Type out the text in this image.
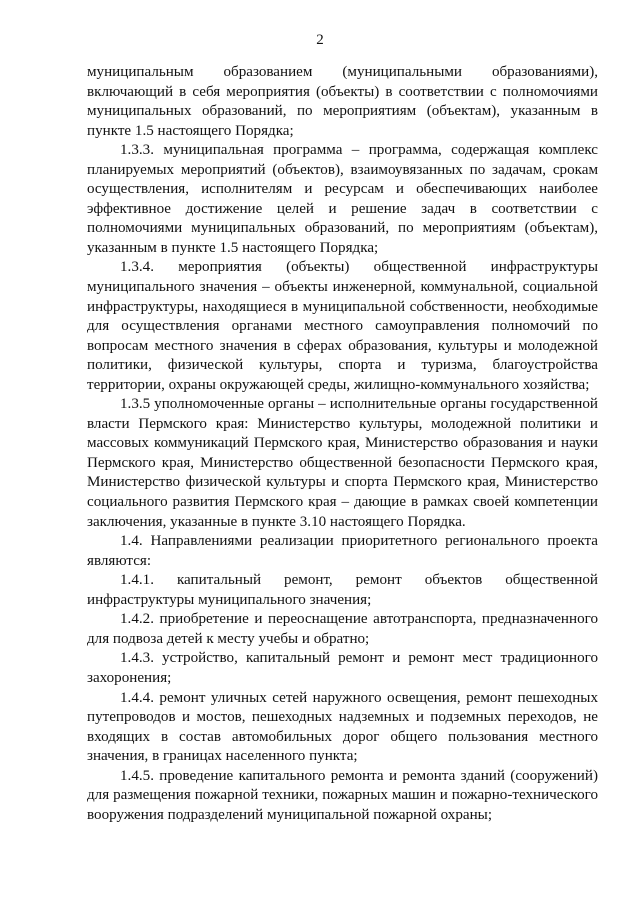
2

муниципальным образованием (муниципальными образованиями), включающий в себя мероприятия (объекты) в соответствии с полномочиями муниципальных образований, по мероприятиям (объектам), указанным в пункте 1.5 настоящего Порядка;

1.3.3. муниципальная программа – программа, содержащая комплекс планируемых мероприятий (объектов), взаимоувязанных по задачам, срокам осуществления, исполнителям и ресурсам и обеспечивающих наиболее эффективное достижение целей и решение задач в соответствии с полномочиями муниципальных образований, по мероприятиям (объектам), указанным в пункте 1.5 настоящего Порядка;

1.3.4. мероприятия (объекты) общественной инфраструктуры муниципального значения – объекты инженерной, коммунальной, социальной инфраструктуры, находящиеся в муниципальной собственности, необходимые для осуществления органами местного самоуправления полномочий по вопросам местного значения в сферах образования, культуры и молодежной политики, физической культуры, спорта и туризма, благоустройства территории, охраны окружающей среды, жилищно-коммунального хозяйства;

1.3.5 уполномоченные органы – исполнительные органы государственной власти Пермского края: Министерство культуры, молодежной политики и массовых коммуникаций Пермского края, Министерство образования и науки Пермского края, Министерство общественной безопасности Пермского края, Министерство физической культуры и спорта Пермского края, Министерство социального развития Пермского края – дающие в рамках своей компетенции заключения, указанные в пункте 3.10 настоящего Порядка.

1.4. Направлениями реализации приоритетного регионального проекта являются:

1.4.1. капитальный ремонт, ремонт объектов общественной инфраструктуры муниципального значения;

1.4.2. приобретение и переоснащение автотранспорта, предназначенного для подвоза детей к месту учебы и обратно;

1.4.3. устройство, капитальный ремонт и ремонт мест традиционного захоронения;

1.4.4. ремонт уличных сетей наружного освещения, ремонт пешеходных путепроводов и мостов, пешеходных надземных и подземных переходов, не входящих в состав автомобильных дорог общего пользования местного значения, в границах населенного пункта;

1.4.5. проведение капитального ремонта и ремонта зданий (сооружений) для размещения пожарной техники, пожарных машин и пожарно-технического вооружения подразделений муниципальной пожарной охраны;
